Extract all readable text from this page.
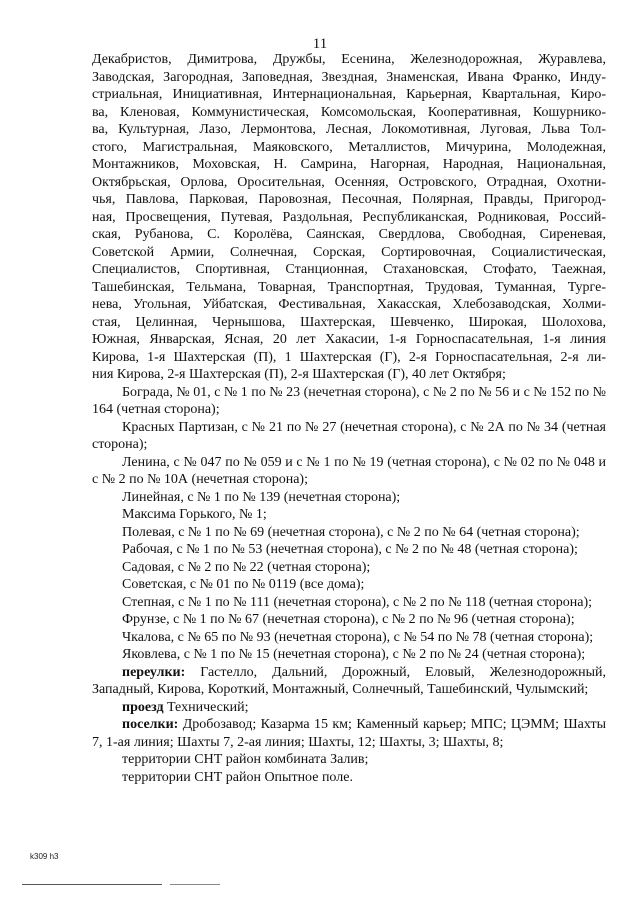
11

Декабристов, Димитрова, Дружбы, Есенина, Железнодорожная, Журавлева,

Заводская, Загородная, Заповедная, Звездная, Знаменская, Ивана Франко, Инду-

стриальная, Инициативная, Интернациональная, Карьерная, Квартальная, Киро-

ва, Кленовая, Коммунистическая, Комсомольская, Кооперативная, Кошурнико-

ва, Культурная, Лазо, Лермонтова, Лесная, Локомотивная, Луговая, Льва Тол-

стого, Магистральная, Маяковского, Металлистов, Мичурина, Молодежная,

Монтажников, Моховская, Н. Самрина, Нагорная, Народная, Национальная,

Октябрьская, Орлова, Оросительная, Осенняя, Островского, Отрадная, Охотни-

чья, Павлова, Парковая, Паровозная, Песочная, Полярная, Правды, Пригород-

ная, Просвещения, Путевая, Раздольная, Республиканская, Родниковая, Россий-

ская, Рубанова, С. Королёва, Саянская, Свердлова, Свободная, Сиреневая,

Советской Армии, Солнечная, Сорская, Сортировочная, Социалистическая,

Специалистов, Спортивная, Станционная, Стахановская, Стофато, Таежная,

Ташебинская, Тельмана, Товарная, Транспортная, Трудовая, Туманная, Турге-

нева, Угольная, Уйбатская, Фестивальная, Хакасская, Хлебозаводская, Холми-

стая, Целинная, Чернышова, Шахтерская, Шевченко, Широкая, Шолохова,

Южная, Январская, Ясная, 20 лет Хакасии, 1-я Горноспасательная, 1-я линия

Кирова, 1-я Шахтерская (П), 1 Шахтерская (Г), 2-я Горноспасательная, 2-я ли-

ния Кирова, 2-я Шахтерская (П), 2-я Шахтерская (Г), 40 лет Октября;

Бограда, № 01, с № 1 по № 23 (нечетная сторона), с № 2 по № 56 и с № 152 по № 164 (четная сторона);

Красных Партизан, с № 21 по № 27 (нечетная сторона), с № 2А по № 34 (четная сторона);

Ленина, с № 047 по № 059 и с № 1 по № 19 (четная сторона), с № 02 по № 048 и с № 2 по № 10А (нечетная сторона);

Линейная, с № 1 по № 139 (нечетная сторона);

Максима Горького, № 1;

Полевая, с № 1 по № 69 (нечетная сторона), с № 2 по № 64 (четная сторона);

Рабочая, с № 1 по № 53 (нечетная сторона), с № 2 по № 48 (четная сторона);

Садовая, с № 2 по № 22 (четная сторона);

Советская, с № 01 по № 0119 (все дома);

Степная, с № 1 по № 111 (нечетная сторона), с № 2 по № 118 (четная сторона);

Фрунзе, с № 1 по № 67 (нечетная сторона), с № 2 по № 96 (четная сторона);

Чкалова, с № 65 по № 93 (нечетная сторона), с № 54 по № 78 (четная сторона);

Яковлева, с № 1 по № 15 (нечетная сторона), с № 2 по № 24 (четная сторона);

переулки: Гастелло, Дальний, Дорожный, Еловый, Железнодорожный, Западный, Кирова, Короткий, Монтажный, Солнечный, Ташебинский, Чулымский;

проезд Технический;

поселки: Дробозавод; Казарма 15 км; Каменный карьер; МПС; ЦЭММ; Шахты 7, 1-ая линия; Шахты 7, 2-ая линия; Шахты, 12; Шахты, 3; Шахты, 8;

территории СНТ район комбината Залив;

территории СНТ район Опытное поле.

k309 h3
